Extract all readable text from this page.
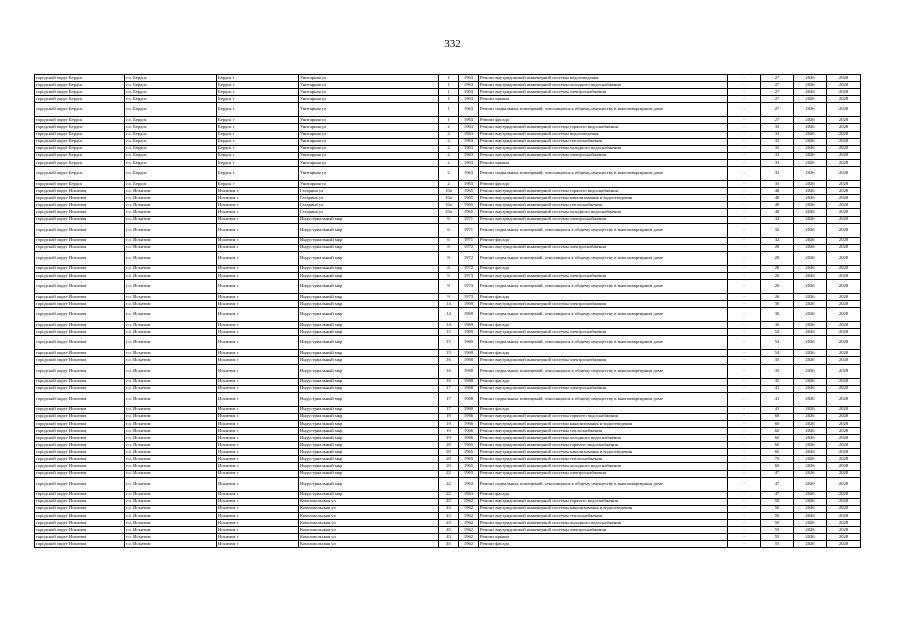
332
городской округ Бердск	г.о. Бердск	Бердск г	Унитарная ул	1	1963	Ремонт внутридомовой инженерной системы водоотведения	-	27	2026	2028
городской округ Бердск	г.о. Бердск	Бердск г	Унитарная ул	1	1963	Ремонт внутридомовой инженерной системы холодного водоснабжения	-	27	2026	2028
городской округ Бердск	г.о. Бердск	Бердск г	Унитарная ул	1	1963	Ремонт внутридомовой инженерной системы электроснабжения	-	27	2026	2028
городской округ Бердск	г.о. Бердск	Бердск г	Унитарная ул	1	1963	Ремонт крыши	-	27	2026	2028
городской округ Бердск	г.о. Бердск	Бердск г	Унитарная ул	1	1963	Ремонт подвальных помещений, относящихся к общему имуществу в многоквартирном доме	-	27	2026	2028
городской округ Бердск	г.о. Бердск	Бердск г	Унитарная ул	1	1963	Ремонт фасада	-	27	2026	2028
городской округ Бердск	г.о. Бердск	Бердск г	Унитарная ул	2	1963	Ремонт внутридомовой инженерной системы горячего водоснабжения	-	33	2026	2028
городской округ Бердск	г.о. Бердск	Бердск г	Унитарная ул	2	1963	Ремонт внутридомовой инженерной системы водоотведения	-	33	2026	2028
городской округ Бердск	г.о. Бердск	Бердск г	Унитарная ул	2	1963	Ремонт внутридомовой инженерной системы теплоснабжения	-	33	2026	2028
городской округ Бердск	г.о. Бердск	Бердск г	Унитарная ул	2	1963	Ремонт внутридомовой инженерной системы холодного водоснабжения	-	33	2026	2028
городской округ Бердск	г.о. Бердск	Бердск г	Унитарная ул	2	1963	Ремонт внутридомовой инженерной системы электроснабжения	-	33	2026	2028
городской округ Бердск	г.о. Бердск	Бердск г	Унитарная ул	2	1963	Ремонт крыши	-	33	2026	2028
городской округ Бердск	г.о. Бердск	Бердск г	Унитарная ул	2	1963	Ремонт подвальных помещений, относящихся к общему имуществу в многоквартирном доме	-	33	2026	2028
городской округ Бердск	г.о. Бердск	Бердск г	Унитарная ул	2	1963	Ремонт фасада	-	33	2026	2028
городской округ Искитим	г.о. Искитим	Искитим г	Гагарина ул	10а	1965	Ремонт внутридомовой инженерной системы горячего водоснабжения	-	48	2026	2028
городской округ Искитим	г.о. Искитим	Искитим г	Гагарина ул	10а	1965	Ремонт внутридомовой инженерной системы канализования и водоотведения	-	48	2026	2028
городской округ Искитим	г.о. Искитим	Искитим г	Гагарина ул	10а	1965	Ремонт внутридомовой инженерной системы теплоснабжения	-	48	2026	2028
городской округ Искитим	г.о. Искитим	Искитим г	Гагарина ул	10а	1965	Ремонт внутридомовой инженерной системы холодного водоснабжения	-	48	2026	2028
городской округ Искитим	г.о. Искитим	Искитим г	Индустриальный мкр	6	1971	Ремонт внутридомовой инженерной системы электроснабжения	-	32	2026	2028
городской округ Искитим	г.о. Искитим	Искитим г	Индустриальный мкр	6	1971	Ремонт подвальных помещений, относящихся к общему имуществу в многоквартирном доме	-	32	2026	2028
городской округ Искитим	г.о. Искитим	Искитим г	Индустриальный мкр	6	1971	Ремонт фасада	-	32	2026	2028
городской округ Искитим	г.о. Искитим	Искитим г	Индустриальный мкр	8	1972	Ремонт внутридомовой инженерной системы электроснабжения	-	28	2026	2028
городской округ Искитим	г.о. Искитим	Искитим г	Индустриальный мкр	8	1972	Ремонт подвальных помещений, относящихся к общему имуществу в многоквартирном доме	-	28	2026	2028
городской округ Искитим	г.о. Искитим	Искитим г	Индустриальный мкр	8	1972	Ремонт фасада	-	28	2026	2028
городской округ Искитим	г.о. Искитим	Искитим г	Индустриальный мкр	9	1973	Ремонт внутридомовой инженерной системы электроснабжения	-	26	2026	2028
городской округ Искитим	г.о. Искитим	Искитим г	Индустриальный мкр	9	1973	Ремонт подвальных помещений, относящихся к общему имуществу в многоквартирном доме	-	26	2026	2028
городской округ Искитим	г.о. Искитим	Искитим г	Индустриальный мкр	9	1973	Ремонт фасада	-	26	2026	2028
городской округ Искитим	г.о. Искитим	Искитим г	Индустриальный мкр	14	1969	Ремонт внутридомовой инженерной системы электроснабжения	-	30	2026	2028
городской округ Искитим	г.о. Искитим	Искитим г	Индустриальный мкр	14	1969	Ремонт подвальных помещений, относящихся к общему имуществу в многоквартирном доме	-	30	2026	2028
городской округ Искитим	г.о. Искитим	Искитим г	Индустриальный мкр	14	1969	Ремонт фасада	-	30	2026	2028
городской округ Искитим	г.о. Искитим	Искитим г	Индустриальный мкр	15	1969	Ремонт внутридомовой инженерной системы электроснабжения	-	54	2026	2028
городской округ Искитим	г.о. Искитим	Искитим г	Индустриальный мкр	15	1969	Ремонт подвальных помещений, относящихся к общему имуществу в многоквартирном доме	-	54	2026	2028
городской округ Искитим	г.о. Искитим	Искитим г	Индустриальный мкр	15	1969	Ремонт фасада	-	54	2026	2028
городской округ Искитим	г.о. Искитим	Искитим г	Индустриальный мкр	16	1968	Ремонт внутридомовой инженерной системы электроснабжения	-	35	2026	2028
городской округ Искитим	г.о. Искитим	Искитим г	Индустриальный мкр	16	1968	Ремонт подвальных помещений, относящихся к общему имуществу в многоквартирном доме	-	35	2026	2028
городской округ Искитим	г.о. Искитим	Искитим г	Индустриальный мкр	16	1968	Ремонт фасада	-	35	2026	2028
городской округ Искитим	г.о. Искитим	Искитим г	Индустриальный мкр	17	1968	Ремонт внутридомовой инженерной системы электроснабжения	-	41	2026	2028
городской округ Искитим	г.о. Искитим	Искитим г	Индустриальный мкр	17	1968	Ремонт подвальных помещений, относящихся к общему имуществу в многоквартирном доме	-	41	2026	2028
городской округ Искитим	г.о. Искитим	Искитим г	Индустриальный мкр	17	1968	Ремонт фасада	-	41	2026	2028
городской округ Искитим	г.о. Искитим	Искитим г	Индустриальный мкр	19	1966	Ремонт внутридомовой инженерной системы горячего водоснабжения	-	60	2026	2028
городской округ Искитим	г.о. Искитим	Искитим г	Индустриальный мкр	19	1966	Ремонт внутридомовой инженерной системы канализования и водоотведения	-	60	2026	2028
городской округ Искитим	г.о. Искитим	Искитим г	Индустриальный мкр	19	1966	Ремонт внутридомовой инженерной системы теплоснабжения	-	60	2026	2028
городской округ Искитим	г.о. Искитим	Искитим г	Индустриальный мкр	19	1966	Ремонт внутридомовой инженерной системы холодного водоснабжения	-	60	2026	2028
городской округ Искитим	г.о. Искитим	Искитим г	Индустриальный мкр	20	1965	Ремонт внутридомовой инженерной системы горячего водоснабжения	-	60	2026	2028
городской округ Искитим	г.о. Искитим	Искитим г	Индустриальный мкр	20	1965	Ремонт внутридомовой инженерной системы канализования и водоотведения	-	60	2026	2028
городской округ Искитим	г.о. Искитим	Искитим г	Индустриальный мкр	20	1965	Ремонт внутридомовой инженерной системы теплоснабжения	-	70	2026	2028
городской округ Искитим	г.о. Искитим	Искитим г	Индустриальный мкр	20	1965	Ремонт внутридомовой инженерной системы холодного водоснабжения	-	60	2026	2028
городской округ Искитим	г.о. Искитим	Искитим г	Индустриальный мкр	22	1963	Ремонт внутридомовой инженерной системы электроснабжения	-	47	2026	2028
городской округ Искитим	г.о. Искитим	Искитим г	Индустриальный мкр	22	1963	Ремонт подвальных помещений, относящихся к общему имуществу в многоквартирном доме	-	47	2026	2028
городской округ Искитим	г.о. Искитим	Искитим г	Индустриальный мкр	22	1963	Ремонт фасада	-	47	2026	2028
городской округ Искитим	г.о. Искитим	Искитим г	Комсомольская ул	45	1962	Ремонт внутридомовой инженерной системы горячего водоснабжения	-	50	2026	2028
городской округ Искитим	г.о. Искитим	Искитим г	Комсомольская ул	43	1962	Ремонт внутридомовой инженерной системы канализования и водоотведения	-	50	2026	2028
городской округ Искитим	г.о. Искитим	Искитим г	Комсомольская ул	43	1962	Ремонт внутридомовой инженерной системы теплоснабжения	-	50	2026	2028
городской округ Искитим	г.о. Искитим	Искитим г	Комсомольская ул	43	1962	Ремонт внутридомовой инженерной системы холодного водоснабжения	-	50	2026	2028
городской округ Искитим	г.о. Искитим	Искитим г	Комсомольская ул	45	1962	Ремонт внутридомовой инженерной системы электроснабжения	-	55	2026	2028
городской округ Искитим	г.о. Искитим	Искитим г	Комсомольская ул	45	1962	Ремонт крыши	-	55	2026	2028
городской округ Искитим	г.о. Искитим	Искитим г	Комсомольская ул	45	1962	Ремонт фасада	-	55	2026	2028
